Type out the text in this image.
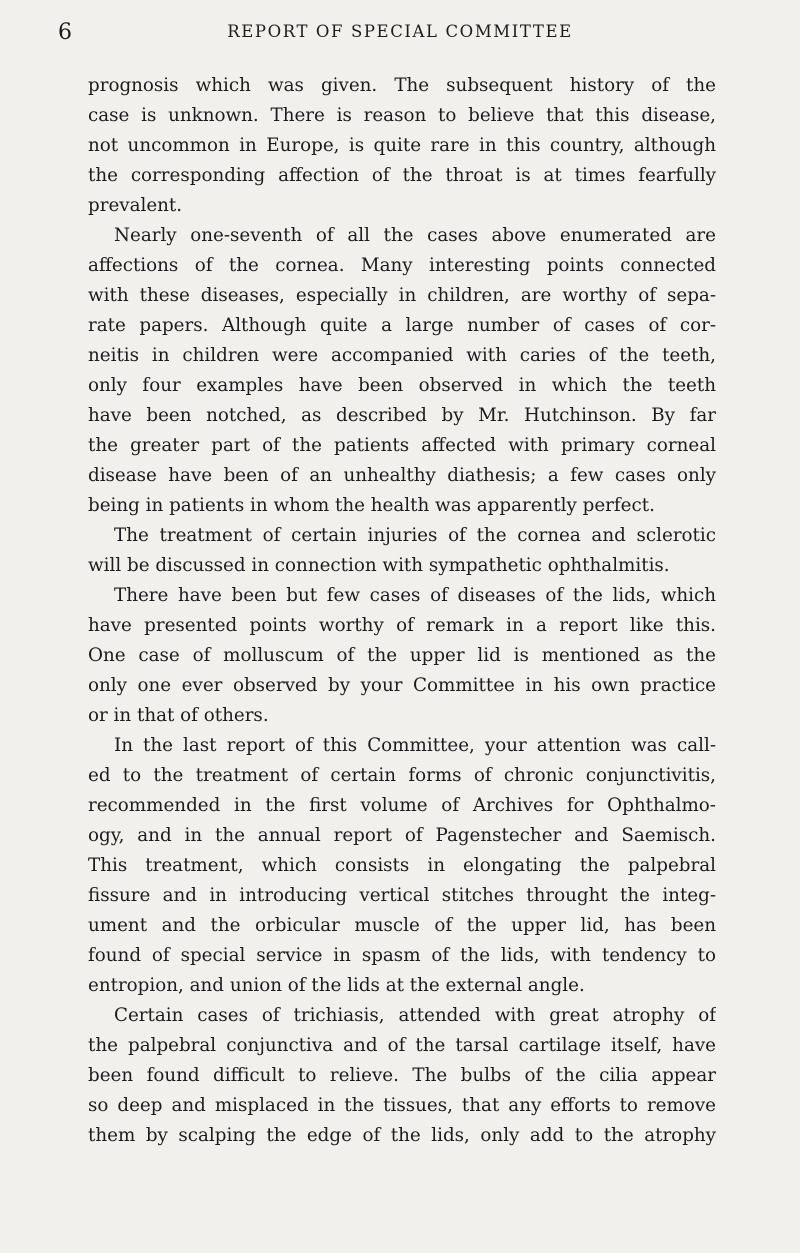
6	REPORT OF SPECIAL COMMITTEE
prognosis which was given. The subsequent history of the
case is unknown. There is reason to believe that this disease,
not uncommon in Europe, is quite rare in this country, although
the corresponding affection of the throat is at times fearfully
prevalent.
Nearly one-seventh of all the cases above enumerated are
affections of the cornea. Many interesting points connected
with these diseases, especially in children, are worthy of sepa-
rate papers. Although quite a large number of cases of cor-
neitis in children were accompanied with caries of the teeth,
only four examples have been observed in which the teeth
have been notched, as described by Mr. Hutchinson. By far
the greater part of the patients affected with primary corneal
disease have been of an unhealthy diathesis; a few cases only
being in patients in whom the health was apparently perfect.
The treatment of certain injuries of the cornea and sclerotic
will be discussed in connection with sympathetic ophthalmitis.
There have been but few cases of diseases of the lids, which
have presented points worthy of remark in a report like this.
One case of molluscum of the upper lid is mentioned as the
only one ever observed by your Committee in his own practice
or in that of others.
In the last report of this Committee, your attention was call-
ed to the treatment of certain forms of chronic conjunctivitis,
recommended in the first volume of Archives for Ophthalmo-
ogy, and in the annual report of Pagenstecher and Saemisch.
This treatment, which consists in elongating the palpebral
fissure and in introducing vertical stitches throught the integ-
ument and the orbicular muscle of the upper lid, has been
found of special service in spasm of the lids, with tendency to
entropion, and union of the lids at the external angle.
Certain cases of trichiasis, attended with great atrophy of
the palpebral conjunctiva and of the tarsal cartilage itself, have
been found difficult to relieve. The bulbs of the cilia appear
so deep and misplaced in the tissues, that any efforts to remove
them by scalping the edge of the lids, only add to the atrophy
